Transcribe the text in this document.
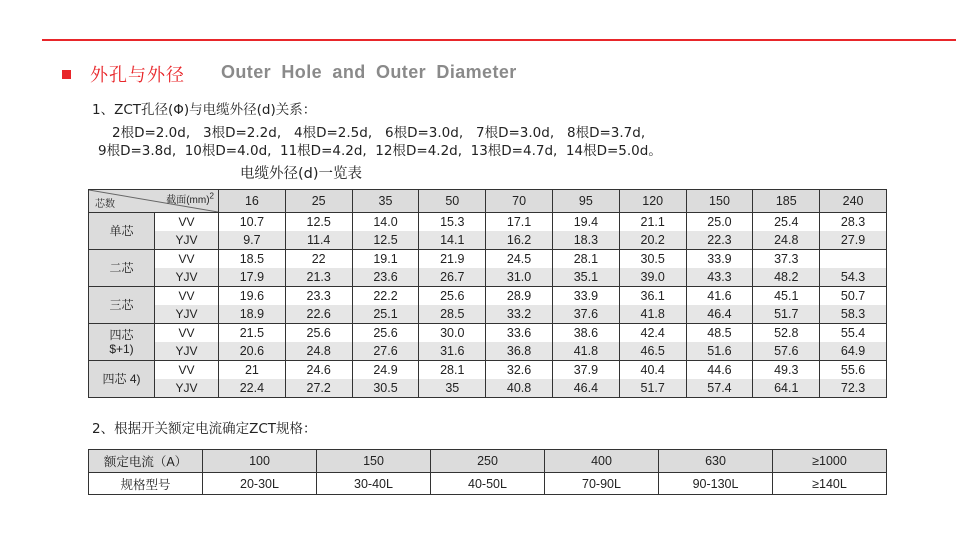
外孔与外径 Outer Hole and Outer Diameter
1、ZCT孔径(Φ)与电缆外径(d)关系：
2根D=2.0d,   3根D=2.2d,   4根D=2.5d,   6根D=3.0d,   7根D=3.0d,   8根D=3.7d,
9根D=3.8d,  10根D=4.0d,  11根D=4.2d,  12根D=4.2d,  13根D=4.7d,  14根D=5.0d。
电缆外径(d)一览表
截面(mm)$^2$
芯数		16	25	35	50	70	95	120	150	185	240

单芯	VV	10.7	12.5	14.0	15.3	17.1	19.4	21.1	25.0	25.4	28.3
	YJV	9.7	11.4	12.5	14.1	16.2	18.3	20.2	22.3	24.8	27.9

二芯	VV	18.5	22	19.1	21.9	24.5	28.1	30.5	33.9	37.3	
	YJV	17.9	21.3	23.6	26.7	31.0	35.1	39.0	43.3	48.2	54.3

三芯	VV	19.6	23.3	22.2	25.6	28.9	33.9	36.1	41.6	45.1	50.7
	YJV	18.9	22.6	25.1	28.5	33.2	37.6	41.8	46.4	51.7	58.3

四芯
$+1)	VV	21.5	25.6	25.6	30.0	33.6	38.6	42.4	48.5	52.8	55.4
	YJV	20.6	24.8	27.6	31.6	36.8	41.8	46.5	51.6	57.6	64.9

四芯 4)	VV	21	24.6	24.9	28.1	32.6	37.9	40.4	44.6	49.3	55.6
	YJV	22.4	27.2	30.5	35	40.8	46.4	51.7	57.4	64.1	72.3
2、根据开关额定电流确定ZCT规格：
额定电流（A）	100	150	250	400	630	≥1000
规格型号	20-30L	30-40L	40-50L	70-90L	90-130L	≥140L
